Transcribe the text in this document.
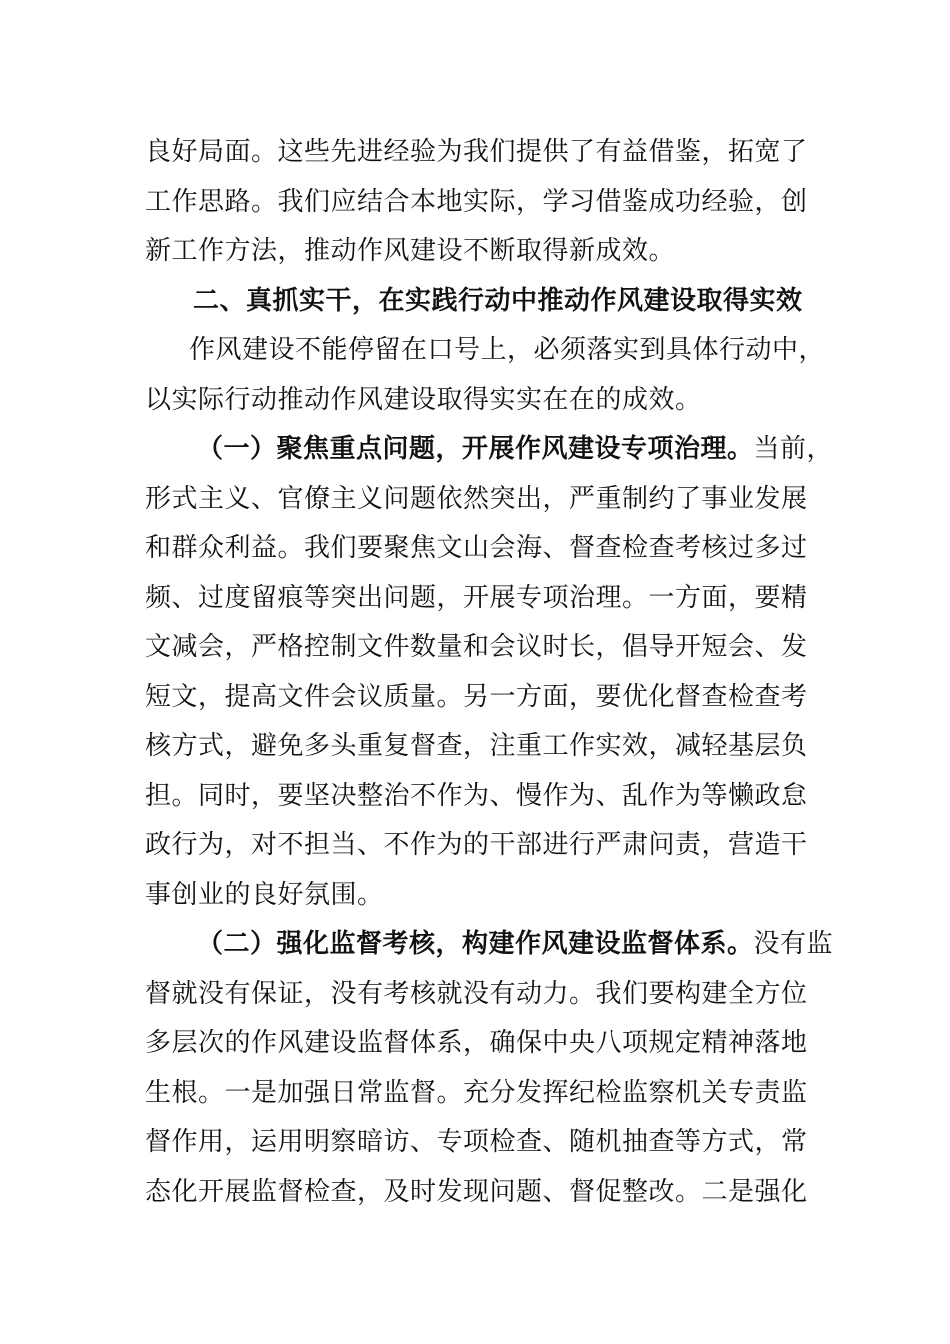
良好局面。这些先进经验为我们提供了有益借鉴，拓宽了
工作思路。我们应结合本地实际，学习借鉴成功经验，创
新工作方法，推动作风建设不断取得新成效。
二、真抓实干，在实践行动中推动作风建设取得实效
作风建设不能停留在口号上，必须落实到具体行动中，
以实际行动推动作风建设取得实实在在的成效。
（一）聚焦重点问题，开展作风建设专项治理。当前，
形式主义、官僚主义问题依然突出，严重制约了事业发展
和群众利益。我们要聚焦文山会海、督查检查考核过多过
频、过度留痕等突出问题，开展专项治理。一方面，要精
文减会，严格控制文件数量和会议时长，倡导开短会、发
短文，提高文件会议质量。另一方面，要优化督查检查考
核方式，避免多头重复督查，注重工作实效，减轻基层负
担。同时，要坚决整治不作为、慢作为、乱作为等懒政怠
政行为，对不担当、不作为的干部进行严肃问责，营造干
事创业的良好氛围。
（二）强化监督考核，构建作风建设监督体系。没有监
督就没有保证，没有考核就没有动力。我们要构建全方位
多层次的作风建设监督体系，确保中央八项规定精神落地
生根。一是加强日常监督。充分发挥纪检监察机关专责监
督作用，运用明察暗访、专项检查、随机抽查等方式，常
态化开展监督检查，及时发现问题、督促整改。二是强化
